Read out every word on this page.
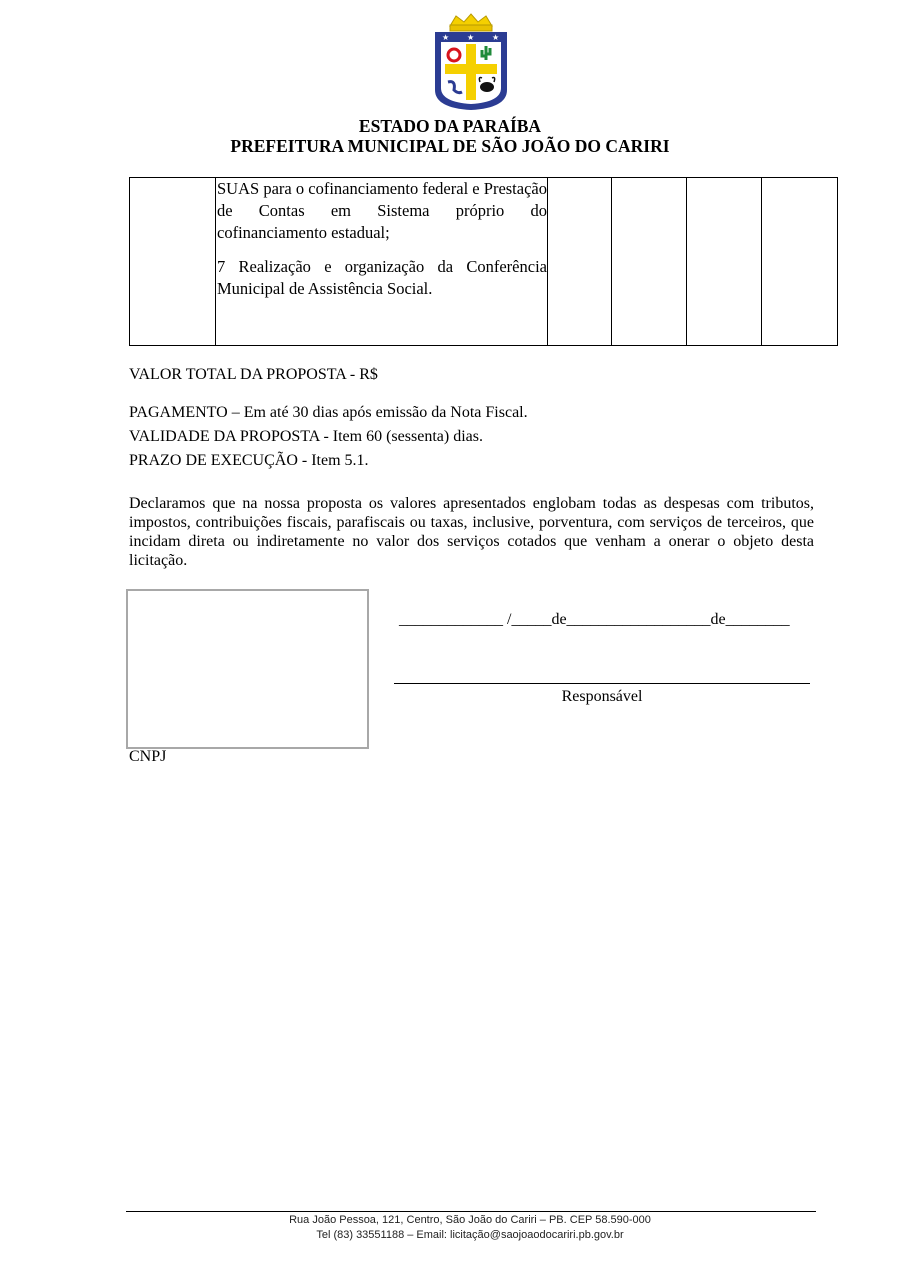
★ ★ ★
ESTADO DA PARAÍBA
PREFEITURA MUNICIPAL DE SÃO JOÃO DO CARIRI

SUAS para o cofinanciamento federal e Prestação de Contas em Sistema próprio do cofinanciamento estadual;

7 Realização e organização da Conferência Municipal de Assistência Social.

VALOR TOTAL DA PROPOSTA - R$
PAGAMENTO – Em até 30 dias após emissão da Nota Fiscal.
VALIDADE DA PROPOSTA - Item 60 (sessenta) dias.
PRAZO DE EXECUÇÃO - Item 5.1.
Declaramos que na nossa proposta os valores apresentados englobam todas as despesas com tributos, impostos, contribuições fiscais, parafiscais ou taxas, inclusive, porventura, com serviços de terceiros, que incidam direta ou indiretamente no valor dos serviços cotados que venham a onerar o objeto desta licitação.
CNPJ
_____________ /_____de__________________de________
Responsável
Rua João Pessoa, 121, Centro, São João do Cariri – PB. CEP 58.590-000
Tel (83) 33551188 – Email: licitação@saojoaodocariri.pb.gov.br
